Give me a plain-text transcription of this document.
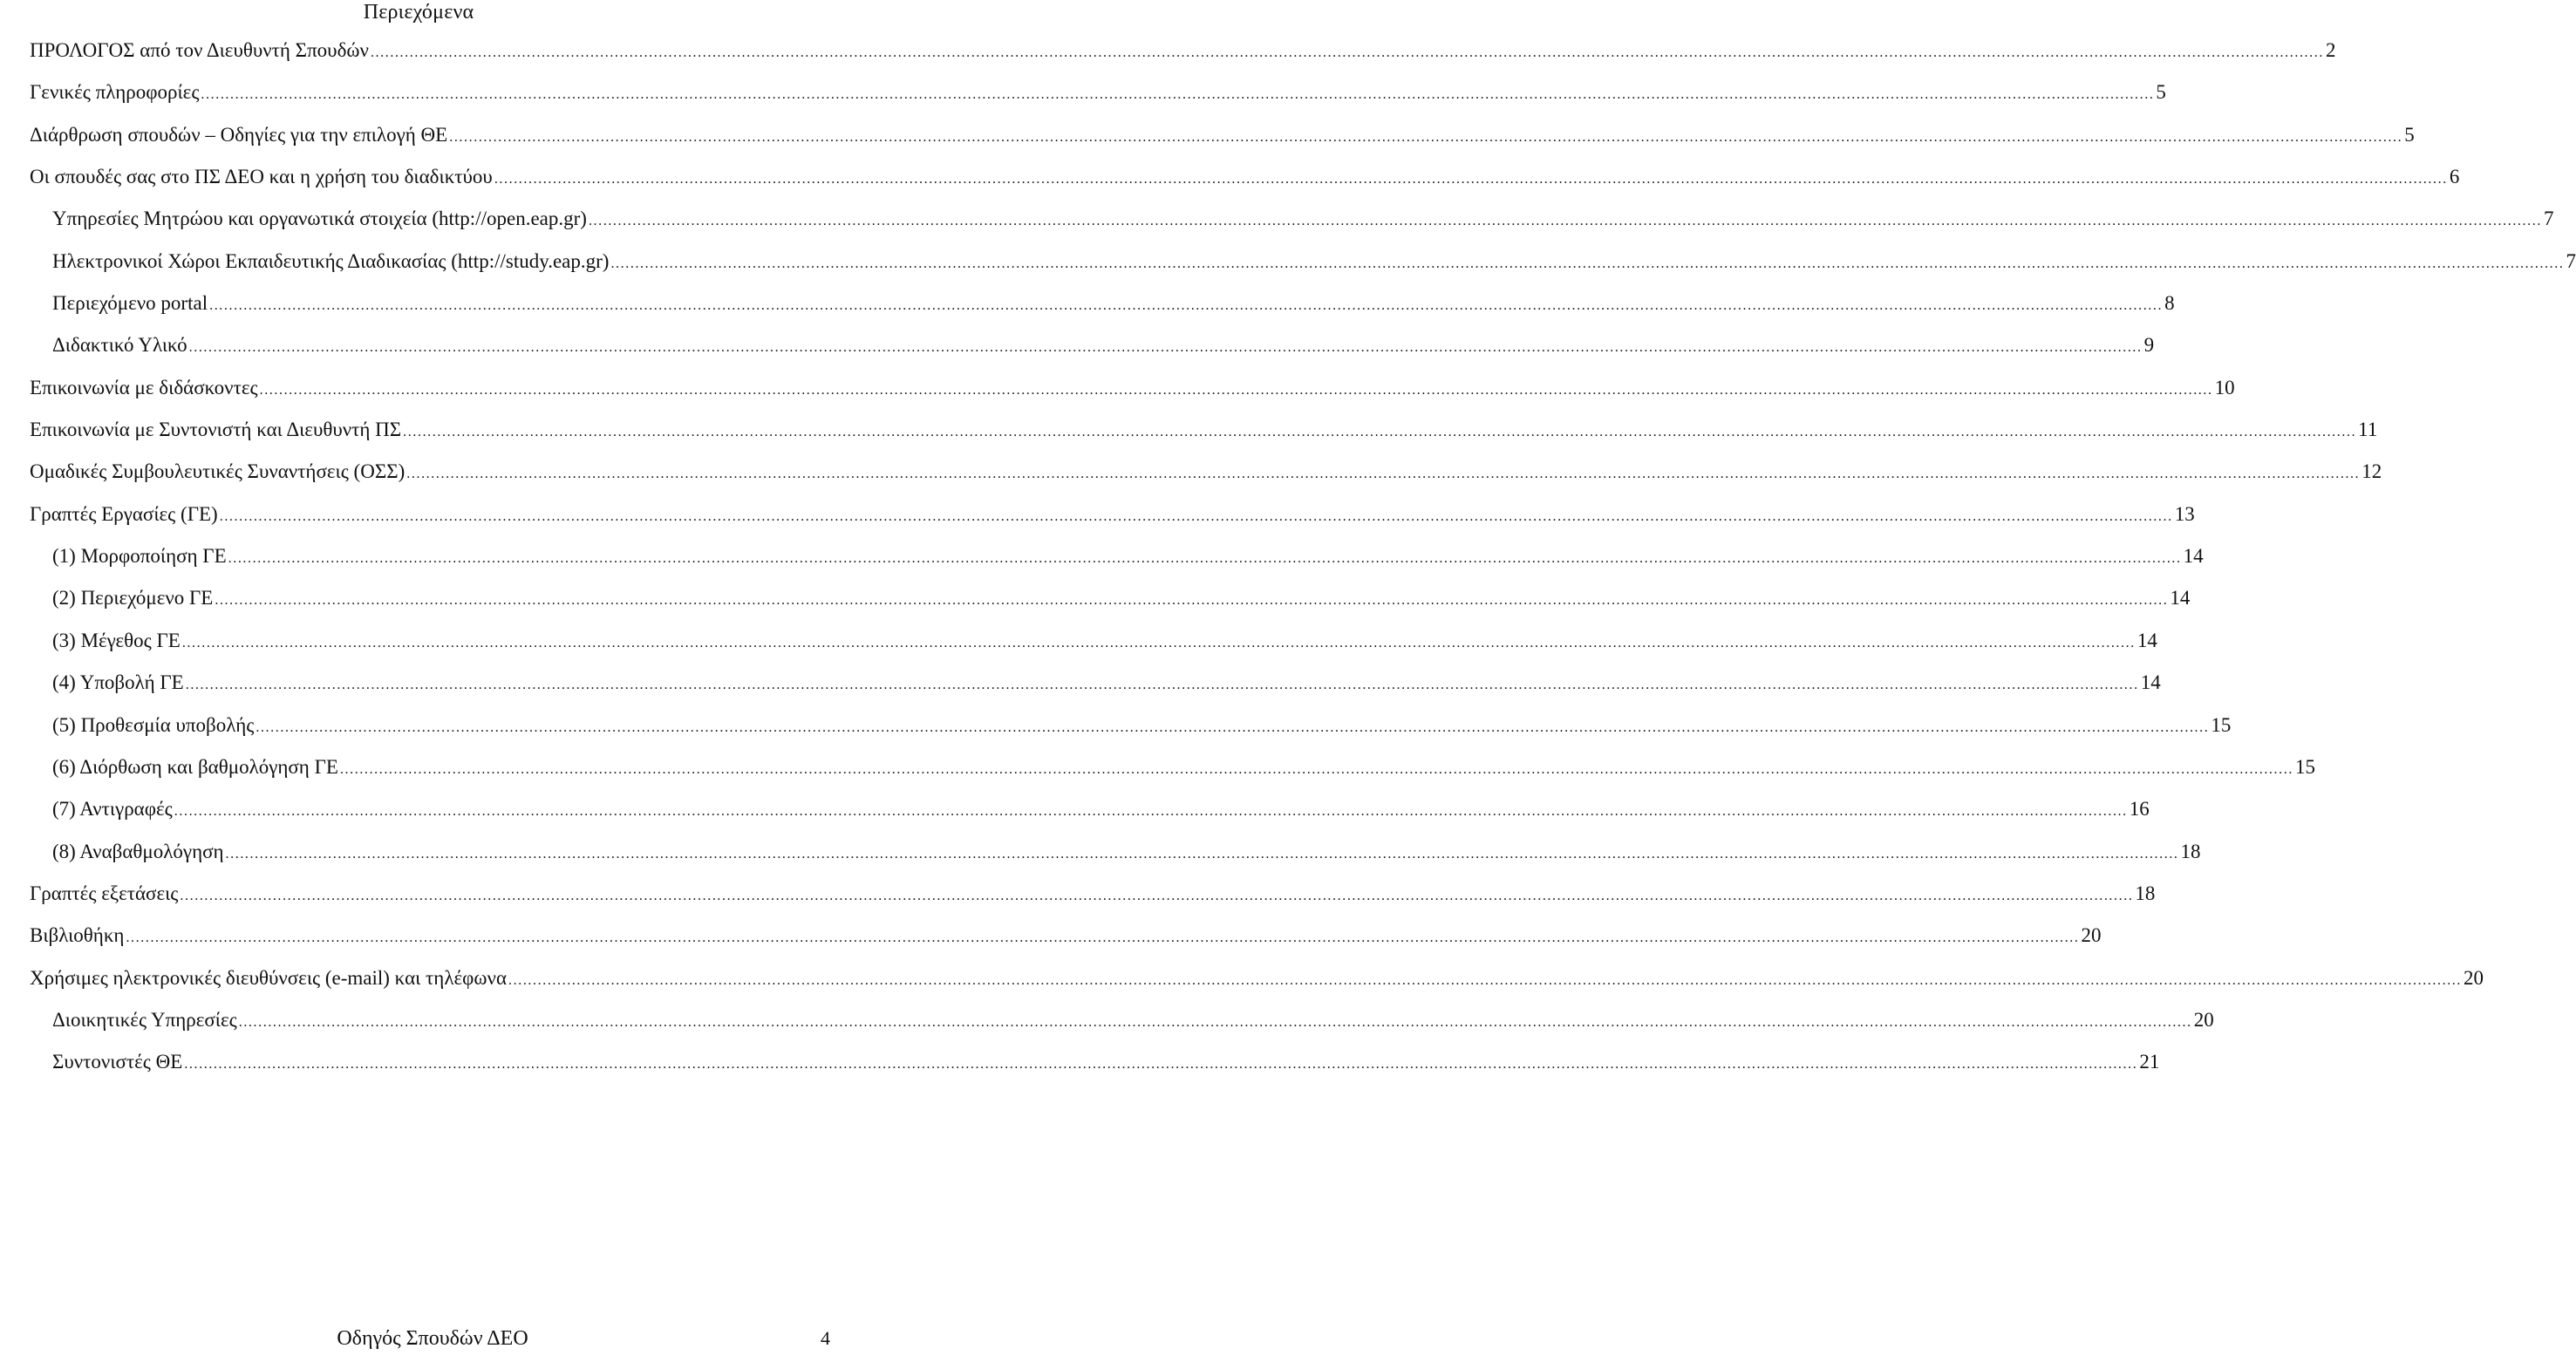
Περιεχόμενα
ΠΡΟΛΟΓΟΣ από τον Διευθυντή Σπουδών ................................................................................................................................................................................................................................................................................................................................................................................................................ 2
Γενικές πληροφορίες ................................................................................................................................................................................................................................................................................................................................................................................................................ 5
Διάρθρωση σπουδών – Οδηγίες για την επιλογή ΘΕ ................................................................................................................................................................................................................................................................................................................................................................................................................ 5
Οι σπουδές σας στο ΠΣ ΔΕΟ και η χρήση του διαδικτύου ................................................................................................................................................................................................................................................................................................................................................................................................................ 6
Υπηρεσίες Μητρώου και οργανωτικά στοιχεία (http://open.eap.gr) ................................................................................................................................................................................................................................................................................................................................................................................................................ 7
Ηλεκτρονικοί Χώροι Εκπαιδευτικής Διαδικασίας (http://study.eap.gr) ................................................................................................................................................................................................................................................................................................................................................................................................................ 7
Περιεχόμενο portal ................................................................................................................................................................................................................................................................................................................................................................................................................ 8
Διδακτικό Υλικό ................................................................................................................................................................................................................................................................................................................................................................................................................ 9
Επικοινωνία με διδάσκοντες ................................................................................................................................................................................................................................................................................................................................................................................................................ 10
Επικοινωνία με Συντονιστή και Διευθυντή ΠΣ ................................................................................................................................................................................................................................................................................................................................................................................................................ 11
Ομαδικές Συμβουλευτικές Συναντήσεις (ΟΣΣ) ................................................................................................................................................................................................................................................................................................................................................................................................................ 12
Γραπτές Εργασίες (ΓΕ) ................................................................................................................................................................................................................................................................................................................................................................................................................ 13
(1) Μορφοποίηση ΓΕ ................................................................................................................................................................................................................................................................................................................................................................................................................ 14
(2) Περιεχόμενο ΓΕ ................................................................................................................................................................................................................................................................................................................................................................................................................ 14
(3) Μέγεθος ΓΕ ................................................................................................................................................................................................................................................................................................................................................................................................................ 14
(4) Υποβολή ΓΕ ................................................................................................................................................................................................................................................................................................................................................................................................................ 14
(5) Προθεσμία υποβολής ................................................................................................................................................................................................................................................................................................................................................................................................................ 15
(6) Διόρθωση και βαθμολόγηση ΓΕ ................................................................................................................................................................................................................................................................................................................................................................................................................ 15
(7) Αντιγραφές ................................................................................................................................................................................................................................................................................................................................................................................................................ 16
(8) Αναβαθμολόγηση ................................................................................................................................................................................................................................................................................................................................................................................................................ 18
Γραπτές εξετάσεις ................................................................................................................................................................................................................................................................................................................................................................................................................ 18
Βιβλιοθήκη ................................................................................................................................................................................................................................................................................................................................................................................................................ 20
Χρήσιμες ηλεκτρονικές διευθύνσεις (e-mail) και τηλέφωνα ................................................................................................................................................................................................................................................................................................................................................................................................................ 20
Διοικητικές Υπηρεσίες ................................................................................................................................................................................................................................................................................................................................................................................................................ 20
Συντονιστές ΘΕ ................................................................................................................................................................................................................................................................................................................................................................................................................ 21
Οδηγός Σπουδών ΔΕΟ	4
